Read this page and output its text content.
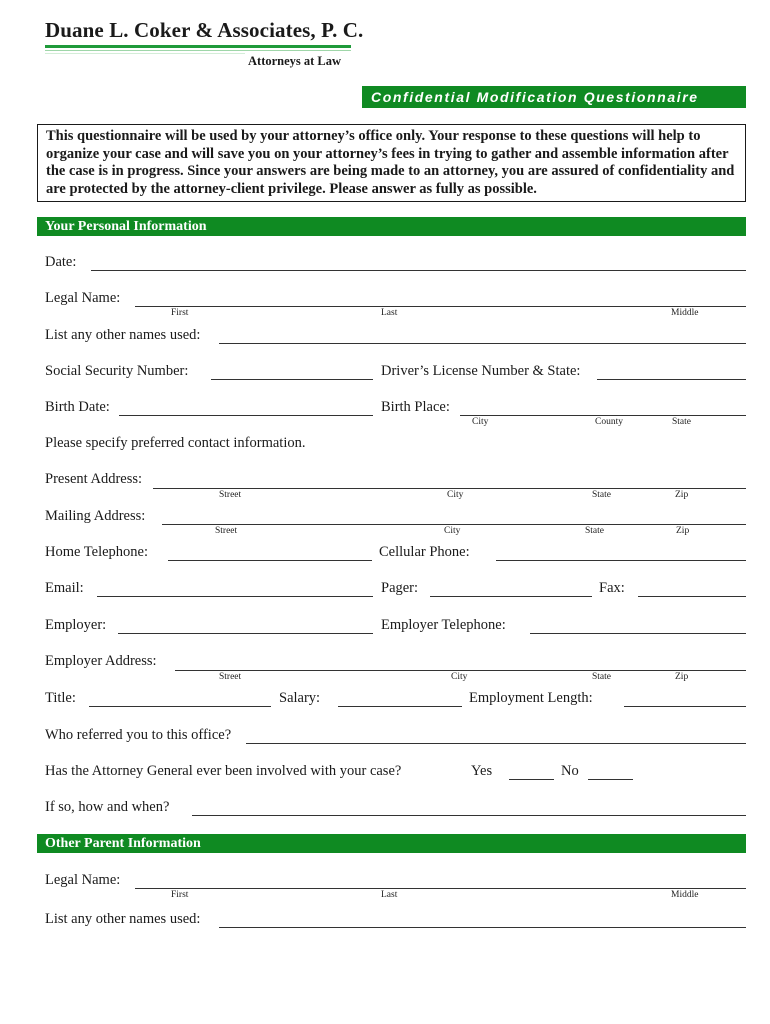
Duane L. Coker & Associates, P. C.
Attorneys at Law
Confidential Modification Questionnaire
This questionnaire will be used by your attorney’s office only. Your response to these questions will help to organize your case and will save you on your attorney’s fees in trying to gather and assemble information after the case is in progress. Since your answers are being made to an attorney, you are assured of confidentiality and are protected by the attorney-client privilege. Please answer as fully as possible.
Your Personal Information
Date:
Legal Name:
First	Last	Middle
List any other names used:
Social Security Number:	Driver’s License Number & State:
Birth Date:	Birth Place:
City	County	State
Please specify preferred contact information.
Present Address:
Street	City	State	Zip
Mailing Address:
Street	City	State	Zip
Home Telephone:	Cellular Phone:
Email:	Pager:	Fax:
Employer:	Employer Telephone:
Employer Address:
Street	City	State	Zip
Title:	Salary:	Employment Length:
Who referred you to this office?
Has the Attorney General ever been involved with your case?	Yes	No
If so, how and when?
Other Parent Information
Legal Name:
First	Last	Middle
List any other names used:
